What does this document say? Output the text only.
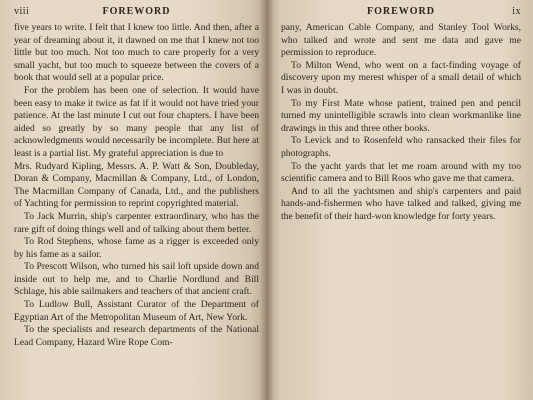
viii	FOREWORD

five years to write. I felt that I knew too little. And then, after a year of dreaming about it, it dawned on me that I knew not too little but too much. Not too much to care properly for a very small yacht, but too much to squeeze between the covers of a book that would sell at a popular price.

For the problem has been one of selection. It would have been easy to make it twice as fat if it would not have tried your patience. At the last minute I cut out four chapters. I have been aided so greatly by so many people that any list of acknowledgments would necessarily be incomplete. But here at least is a partial list. My grateful appreciation is due to

Mrs. Rudyard Kipling, Messrs. A. P. Watt & Son, Doubleday, Doran & Company, Macmillan & Company, Ltd., of London, The Macmillan Company of Canada, Ltd., and the publishers of Yachting for permission to reprint copyrighted material.

To Jack Murrin, ship's carpenter extraordinary, who has the rare gift of doing things well and of talking about them better.

To Rod Stephens, whose fame as a rigger is exceeded only by his fame as a sailor.

To Prescott Wilson, who turned his sail loft upside down and inside out to help me, and to Charlie Nordlund and Bill Schlage, his able sailmakers and teachers of that ancient craft.

To Ludlow Bull, Assistant Curator of the Department of Egyptian Art of the Metropolitan Museum of Art, New York.

To the specialists and research departments of the National Lead Company, Hazard Wire Rope Com-

FOREWORD	ix

pany, American Cable Company, and Stanley Tool Works, who talked and wrote and sent me data and gave me permission to reproduce.

To Milton Wend, who went on a fact-finding voyage of discovery upon my merest whisper of a small detail of which I was in doubt.

To my First Mate whose patient, trained pen and pencil turned my unintelligible scrawls into clean workmanlike line drawings in this and three other books.

To Levick and to Rosenfeld who ransacked their files for photographs.

To the yacht yards that let me roam around with my too scientific camera and to Bill Roos who gave me that camera.

And to all the yachtsmen and ship's carpenters and paid hands-and-fishermen who have talked and talked, giving me the benefit of their hard-won knowledge for forty years.
